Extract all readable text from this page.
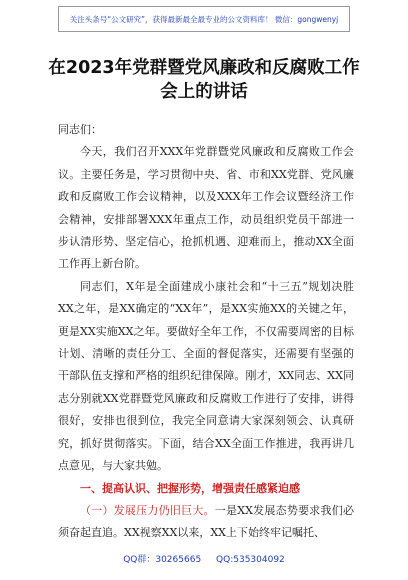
关注头条号“公文研究”，获得最新最全最专业的公文资料库！ 微信：gongwenyj
在2023年党群暨党风廉政和反腐败工作
会上的讲话

同志们：

今天，我们召开XXX年党群暨党风廉政和反腐败工作会议。主要任务是，学习贯彻中央、省、市和XX党群、党风廉政和反腐败工作会议精神，以及XXX年工作会议暨经济工作会精神，安排部署XXX年重点工作，动员组织党员干部进一步认清形势、坚定信心，抢抓机遇、迎难而上，推动XX全面工作再上新台阶。

同志们，X年是全面建成小康社会和“十三五”规划决胜XX之年，是XX确定的“XX年”，是XX实施XX的关键之年，更是XX实施XX之年。要做好全年工作，不仅需要周密的目标计划、清晰的责任分工、全面的督促落实，还需要有坚强的干部队伍支撑和严格的组织纪律保障。刚才，XX同志、XX同志分别就XX党群暨党风廉政和反腐败工作进行了安排，讲得很好，安排也很到位，我完全同意请大家深刻领会、认真研究，抓好贯彻落实。下面，结合XX全面工作推进，我再讲几点意见，与大家共勉。

一、提高认识、把握形势，增强责任感紧迫感

（一）发展压力仍旧巨大。一是XX发展态势要求我们必须奋起直追。XX视察XX以来，XX上下始终牢记嘱托、

QQ群：30265665 QQ:535304092
